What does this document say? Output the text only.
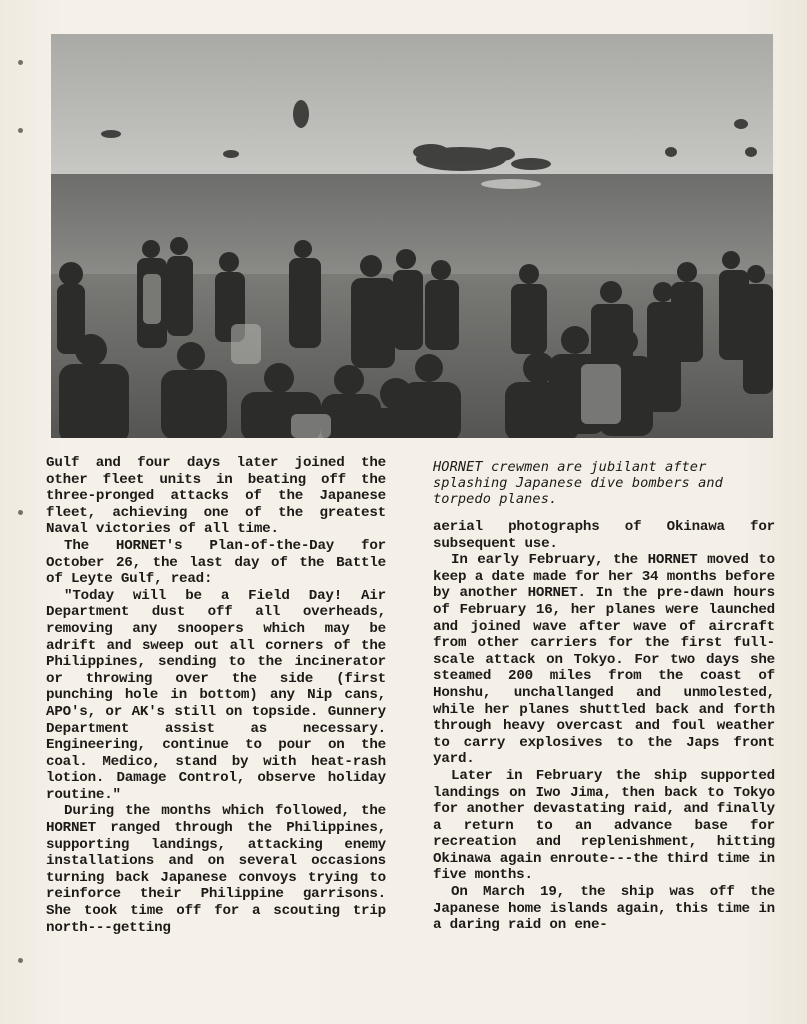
Gulf and four days later joined the other fleet units in beating off the three-pronged attacks of the Japanese fleet, achieving one of the greatest Naval victories of all time.

The HORNET's Plan-of-the-Day for October 26, the last day of the Battle of Leyte Gulf, read:

"Today will be a Field Day! Air Department dust off all overheads, removing any snoopers which may be adrift and sweep out all corners of the Philippines, sending to the incinerator or throwing over the side (first punching hole in bottom) any Nip cans, APO's, or AK's still on topside. Gunnery Department assist as necessary. Engineering, continue to pour on the coal. Medico, stand by with heat-rash lotion. Damage Control, observe holiday routine."

During the months which followed, the HORNET ranged through the Philippines, supporting landings, attacking enemy installations and on several occasions turning back Japanese convoys trying to reinforce their Philippine garrisons. She took time off for a scouting trip north---getting

HORNET crewmen are jubilant after splashing Japanese dive bombers and torpedo planes.

aerial photographs of Okinawa for subsequent use.

In early February, the HORNET moved to keep a date made for her 34 months before by another HORNET. In the pre-dawn hours of February 16, her planes were launched and joined wave after wave of aircraft from other carriers for the first full-scale attack on Tokyo. For two days she steamed 200 miles from the coast of Honshu, unchallanged and unmolested, while her planes shuttled back and forth through heavy overcast and foul weather to carry explosives to the Japs front yard.

Later in February the ship supported landings on Iwo Jima, then back to Tokyo for another devastating raid, and finally a return to an advance base for recreation and replenishment, hitting Okinawa again enroute---the third time in five months.

On March 19, the ship was off the Japanese home islands again, this time in a daring raid on ene-
